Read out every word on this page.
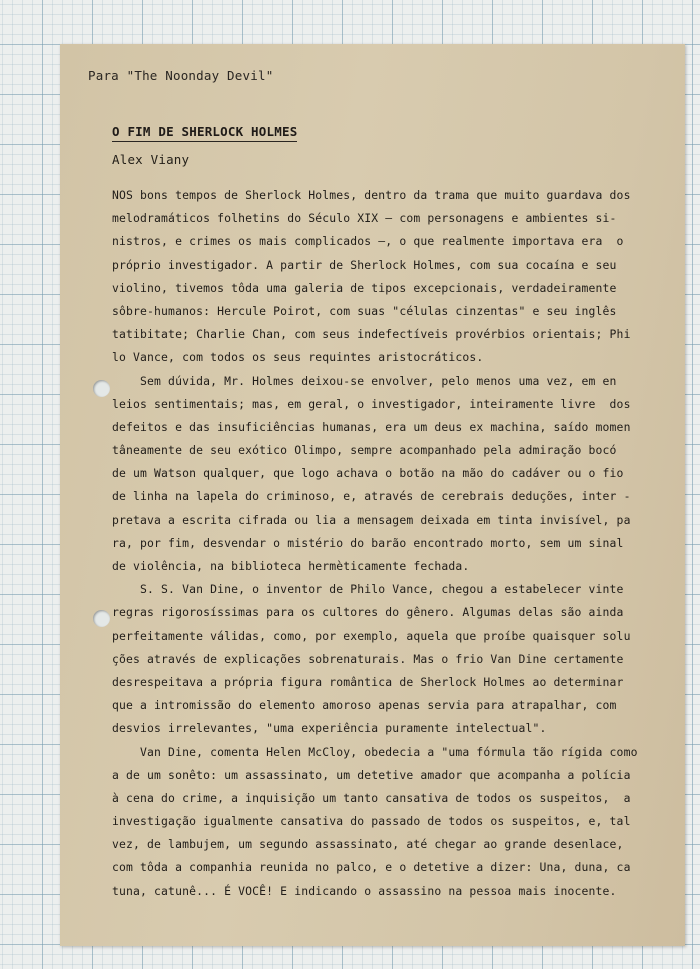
Para "The Noonday Devil"
O FIM DE SHERLOCK HOLMES
Alex Viany
NOS bons tempos de Sherlock Holmes, dentro da trama que muito guardava dos
melodramáticos folhetins do Século XIX — com personagens e ambientes si-
nistros, e crimes os mais complicados —, o que realmente importava era  o
próprio investigador. A partir de Sherlock Holmes, com sua cocaína e seu
violino, tivemos tôda uma galeria de tipos excepcionais, verdadeiramente
sôbre-humanos: Hercule Poirot, com suas "células cinzentas" e seu inglês
tatibitate; Charlie Chan, com seus indefectíveis provérbios orientais; Phi
lo Vance, com todos os seus requintes aristocráticos.
Sem dúvida, Mr. Holmes deixou-se envolver, pelo menos uma vez, em en
leios sentimentais; mas, em geral, o investigador, inteiramente livre  dos
defeitos e das insuficiências humanas, era um deus ex machina, saído momen
tâneamente de seu exótico Olimpo, sempre acompanhado pela admiração bocó
de um Watson qualquer, que logo achava o botão na mão do cadáver ou o fio
de linha na lapela do criminoso, e, através de cerebrais deduções, inter -
pretava a escrita cifrada ou lia a mensagem deixada em tinta invisível, pa
ra, por fim, desvendar o mistério do barão encontrado morto, sem um sinal
de violência, na biblioteca hermèticamente fechada.
S. S. Van Dine, o inventor de Philo Vance, chegou a estabelecer vinte
regras rigorosíssimas para os cultores do gênero. Algumas delas são ainda
perfeitamente válidas, como, por exemplo, aquela que proíbe quaisquer solu
ções através de explicações sobrenaturais. Mas o frio Van Dine certamente
desrespeitava a própria figura romântica de Sherlock Holmes ao determinar
que a intromissão do elemento amoroso apenas servia para atrapalhar, com
desvios irrelevantes, "uma experiência puramente intelectual".
Van Dine, comenta Helen McCloy, obedecia a "uma fórmula tão rígida como
a de um sonêto: um assassinato, um detetive amador que acompanha a polícia
à cena do crime, a inquisição um tanto cansativa de todos os suspeitos,  a
investigação igualmente cansativa do passado de todos os suspeitos, e, tal
vez, de lambujem, um segundo assassinato, até chegar ao grande desenlace,
com tôda a companhia reunida no palco, e o detetive a dizer: Una, duna, ca
tuna, catunê... É VOCÊ! E indicando o assassino na pessoa mais inocente.
